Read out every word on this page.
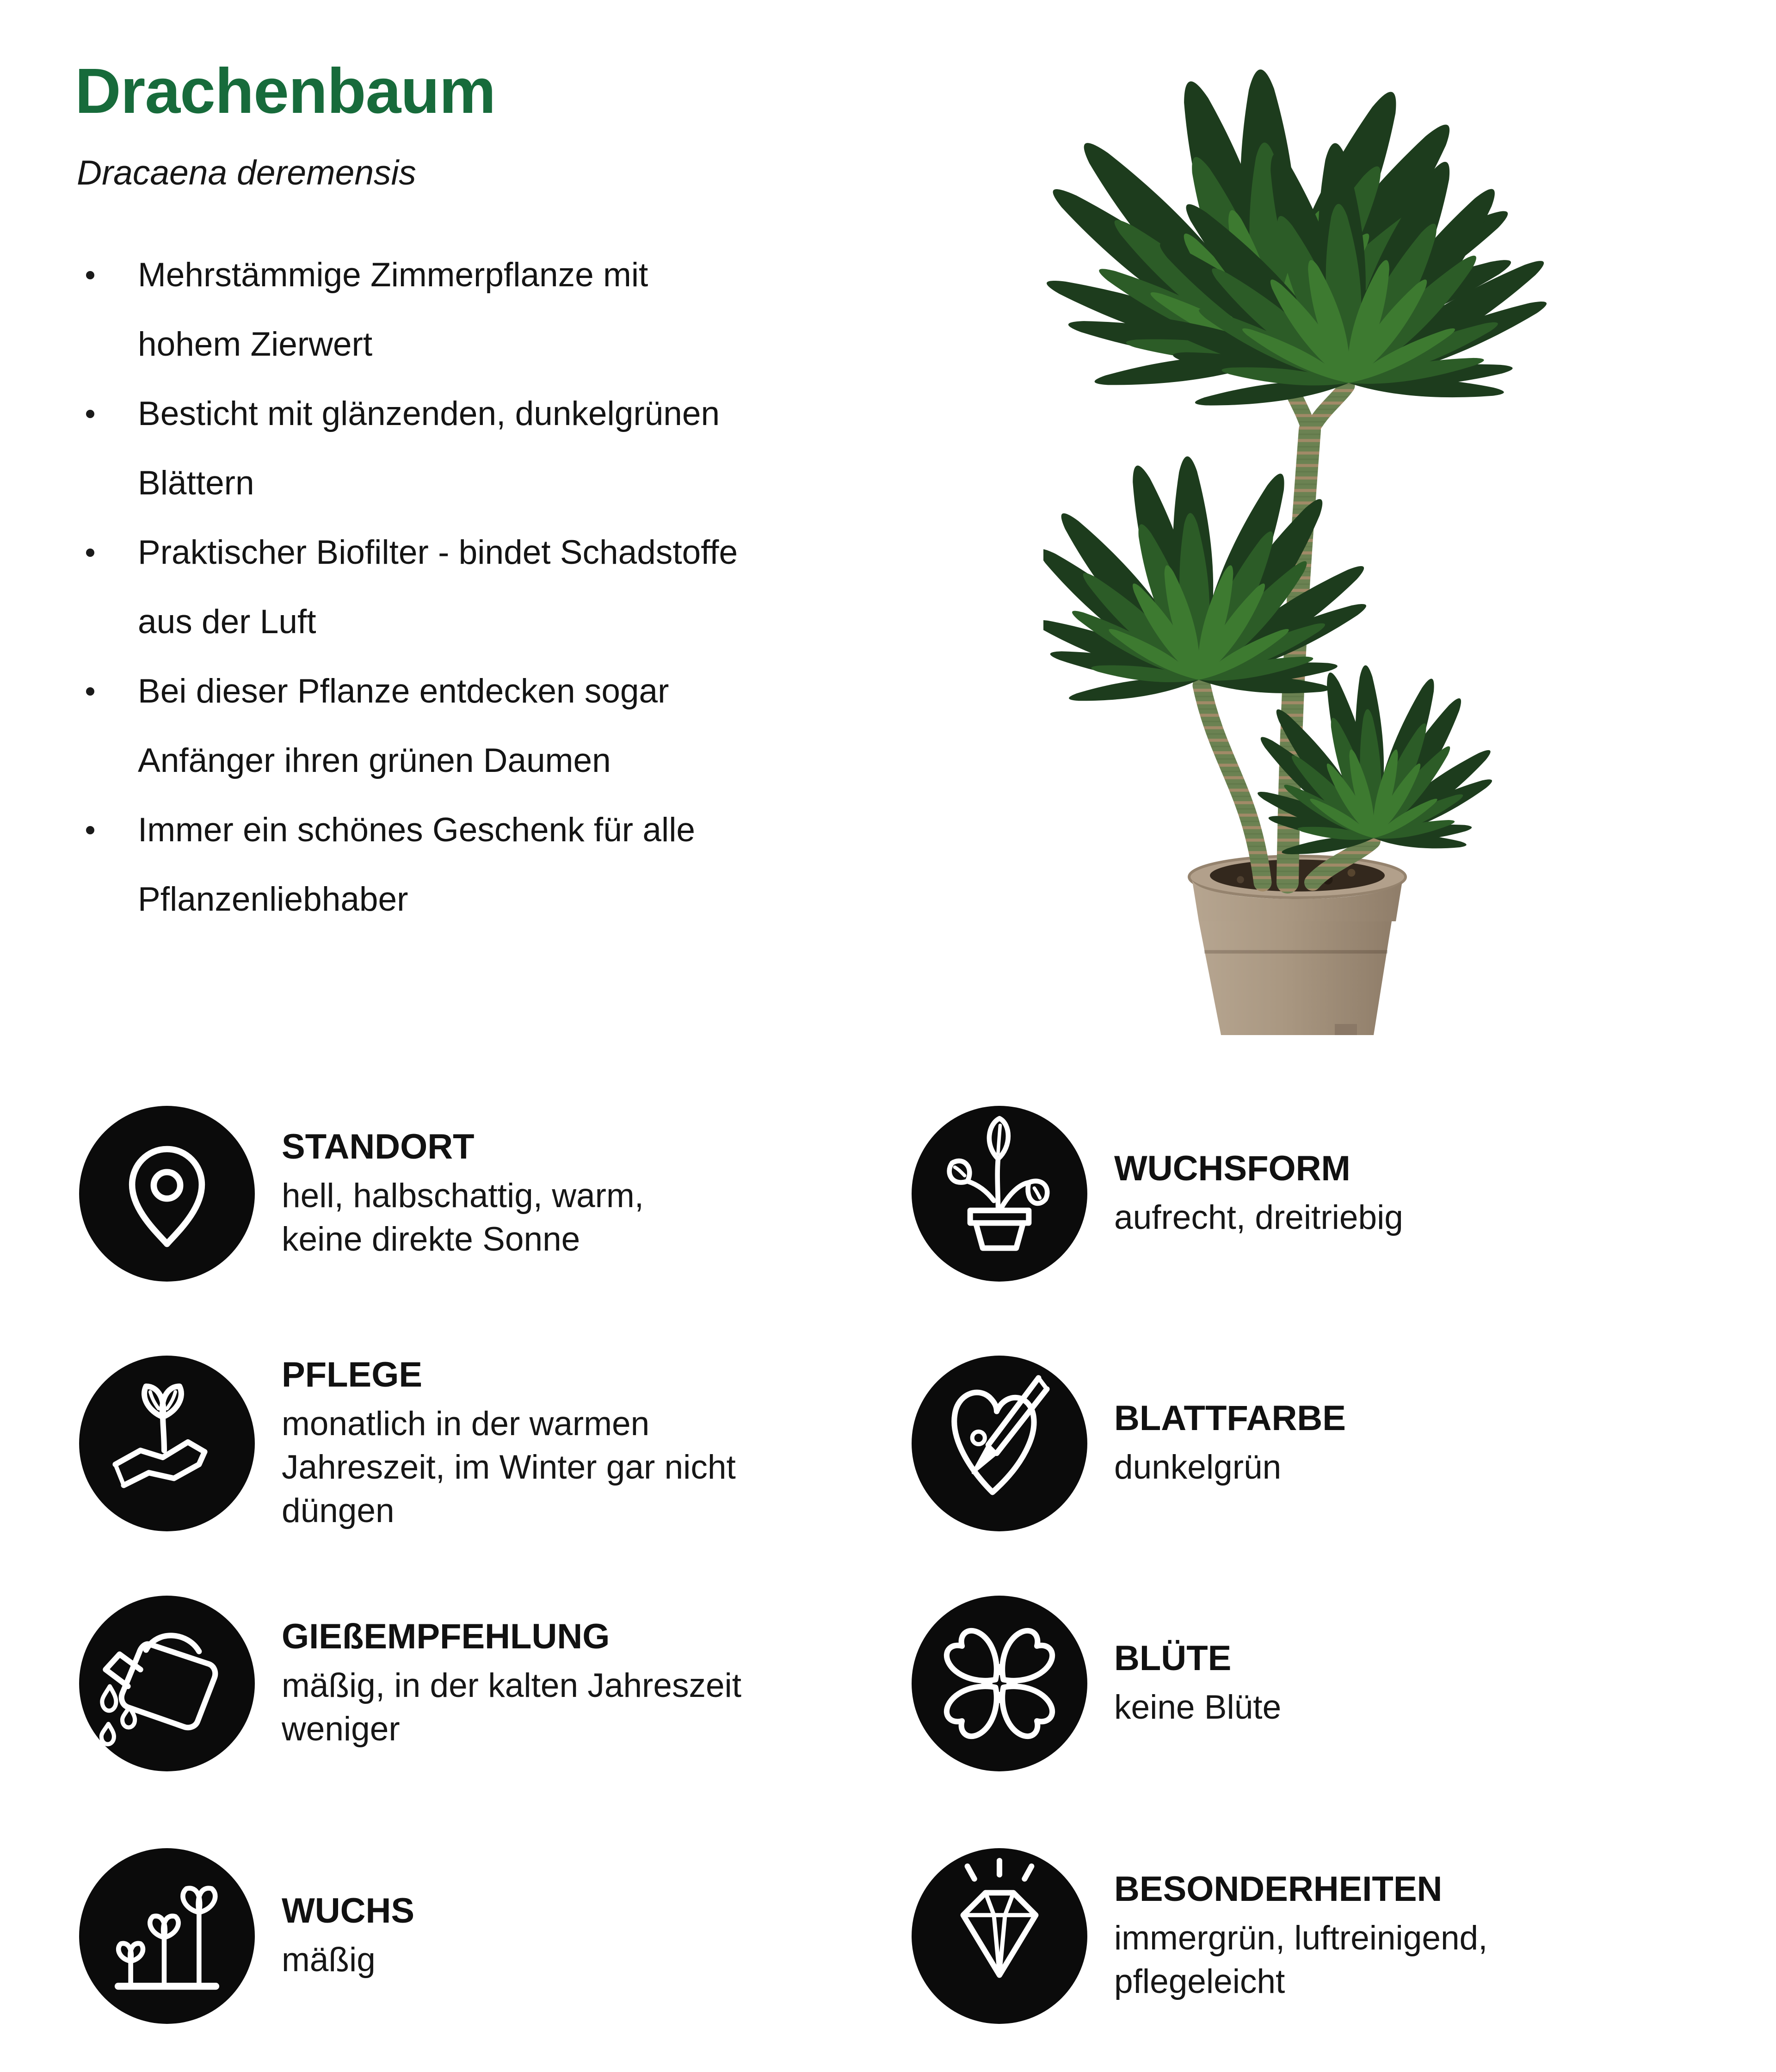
Drachenbaum
Dracaena deremensis
Mehrstämmige Zimmerpflanze mit
hohem Zierwert
Besticht mit glänzenden, dunkelgrünen
Blättern
Praktischer Biofilter - bindet Schadstoffe
aus der Luft
Bei dieser Pflanze entdecken sogar
Anfänger ihren grünen Daumen
Immer ein schönes Geschenk für alle
Pflanzenliebhaber
STANDORT
hell, halbschattig, warm,
keine direkte Sonne
WUCHSFORM
aufrecht, dreitriebig
PFLEGE
monatlich in der warmen
Jahreszeit, im Winter gar nicht
düngen
BLATTFARBE
dunkelgrün
GIEßEMPFEHLUNG
mäßig, in der kalten Jahreszeit
weniger
BLÜTE
keine Blüte
WUCHS
mäßig
BESONDERHEITEN
immergrün, luftreinigend,
pflegeleicht
